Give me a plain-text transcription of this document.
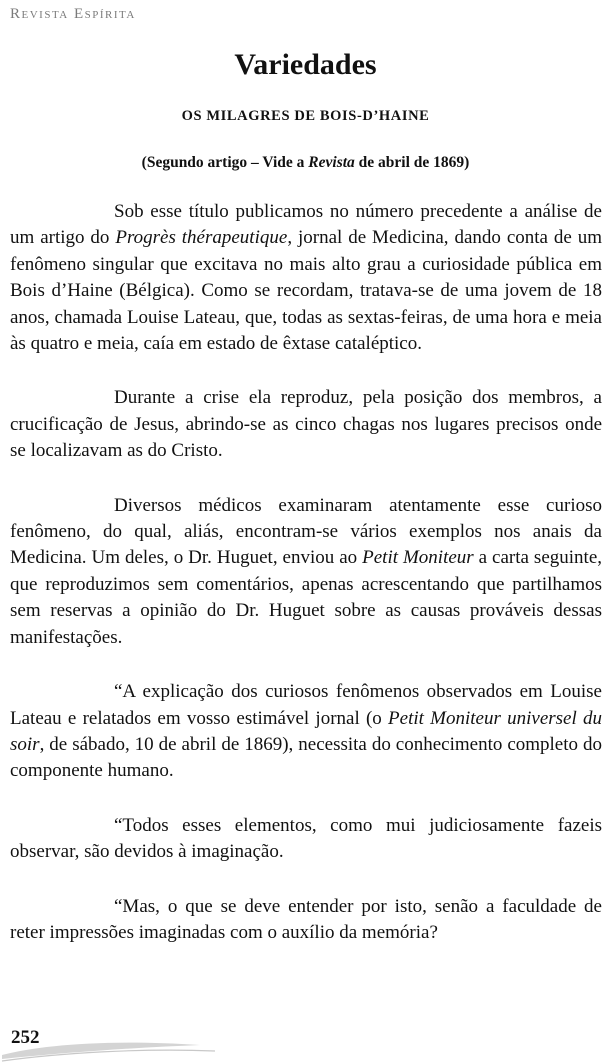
Revista Espírita
Variedades
OS MILAGRES DE BOIS-D’HAINE
(Segundo artigo – Vide a Revista de abril de 1869)

Sob esse título publicamos no número precedente a análise de um artigo do Progrès thérapeutique, jornal de Medicina, dando conta de um fenômeno singular que excitava no mais alto grau a curiosidade pública em Bois d’Haine (Bélgica). Como se recordam, tratava-se de uma jovem de 18 anos, chamada Louise Lateau, que, todas as sextas-feiras, de uma hora e meia às quatro e meia, caía em estado de êxtase cataléptico.

Durante a crise ela reproduz, pela posição dos membros, a crucificação de Jesus, abrindo-se as cinco chagas nos lugares precisos onde se localizavam as do Cristo.

Diversos médicos examinaram atentamente esse curioso fenômeno, do qual, aliás, encontram-se vários exemplos nos anais da Medicina. Um deles, o Dr. Huguet, enviou ao Petit Moniteur a carta seguinte, que reproduzimos sem comentários, apenas acrescentando que partilhamos sem reservas a opinião do Dr. Huguet sobre as causas prováveis dessas manifestações.

“A explicação dos curiosos fenômenos observados em Louise Lateau e relatados em vosso estimável jornal (o Petit Moniteur universel du soir, de sábado, 10 de abril de 1869), necessita do conhecimento completo do componente humano.

“Todos esses elementos, como mui judiciosamente fazeis observar, são devidos à imaginação.

“Mas, o que se deve entender por isto, senão a faculdade de reter impressões imaginadas com o auxílio da memória?

252
